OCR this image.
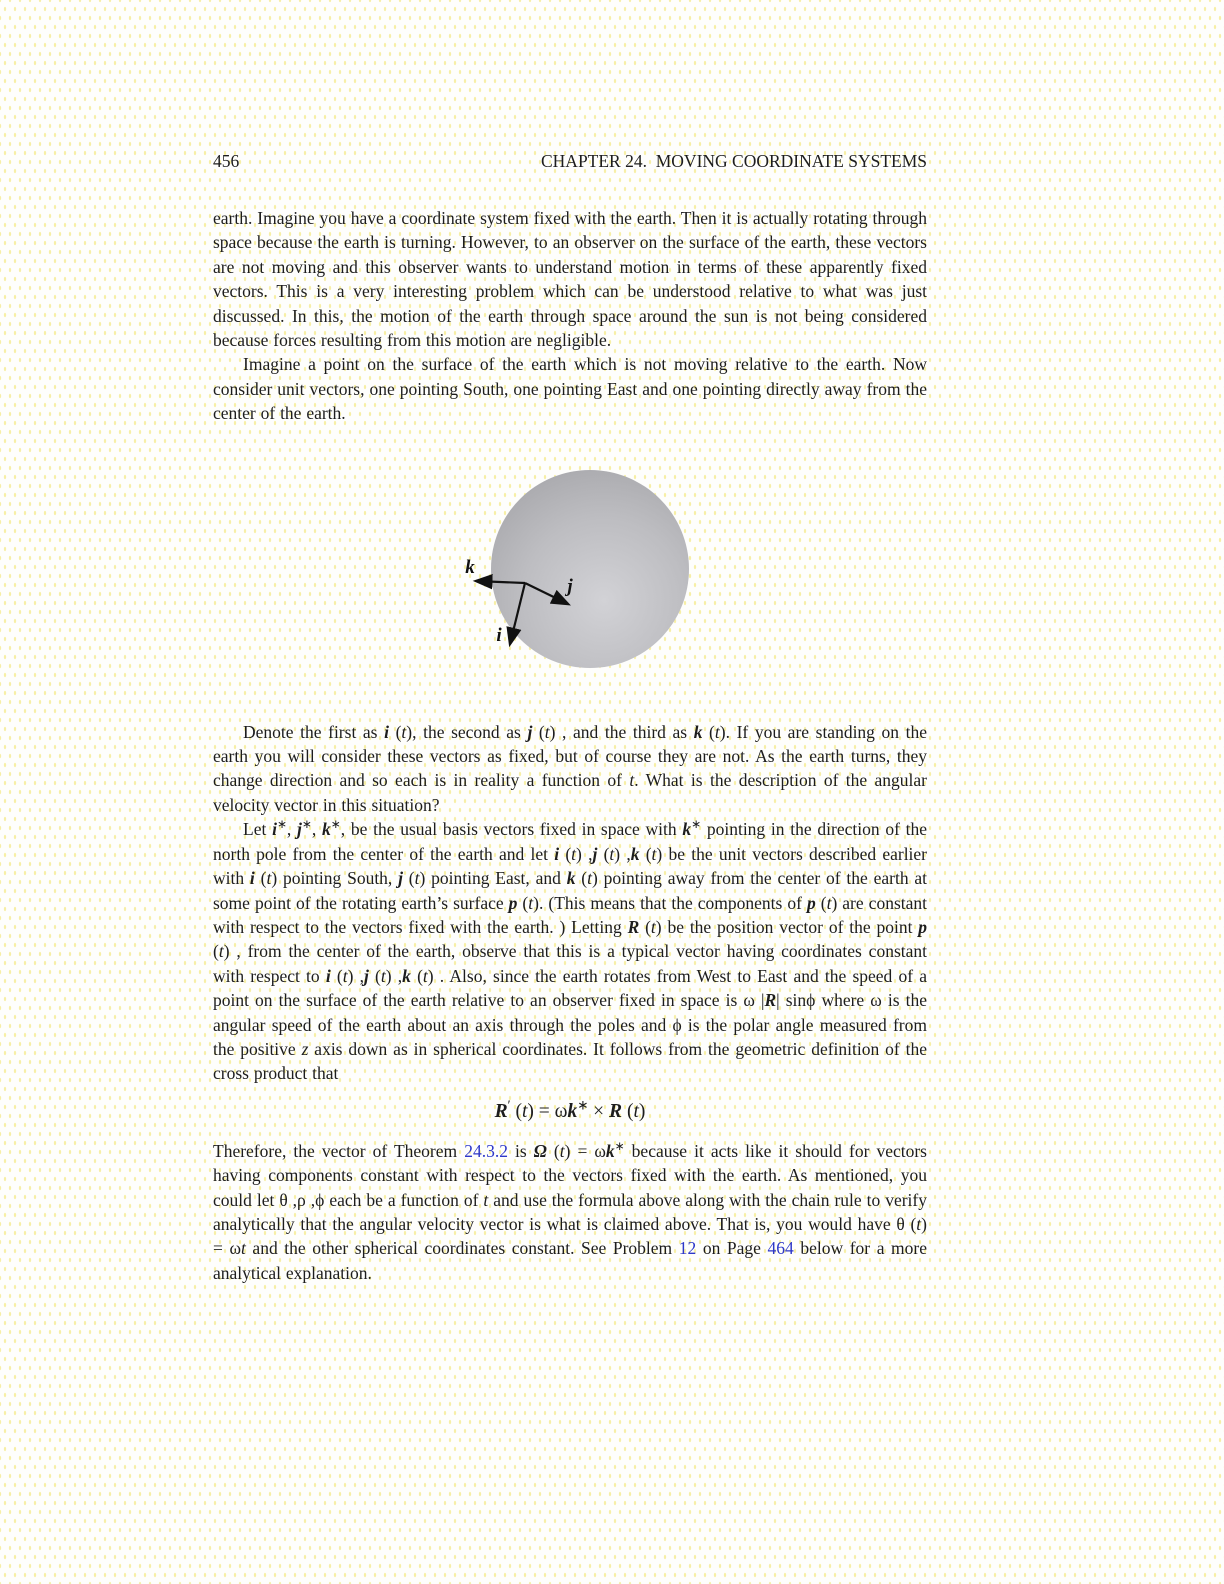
456	CHAPTER 24.  MOVING COORDINATE SYSTEMS

earth. Imagine you have a coordinate system fixed with the earth. Then it is actually rotating through space because the earth is turning. However, to an observer on the surface of the earth, these vectors are not moving and this observer wants to understand motion in terms of these apparently fixed vectors. This is a very interesting problem which can be understood relative to what was just discussed. In this, the motion of the earth through space around the sun is not being considered because forces resulting from this motion are negligible.

Imagine a point on the surface of the earth which is not moving relative to the earth. Now consider unit vectors, one pointing South, one pointing East and one pointing directly away from the center of the earth.

k
j
i

Denote the first as i (t), the second as j (t) , and the third as k (t). If you are standing on the earth you will consider these vectors as fixed, but of course they are not. As the earth turns, they change direction and so each is in reality a function of t. What is the description of the angular velocity vector in this situation?

Let i∗, j∗, k∗, be the usual basis vectors fixed in space with k∗ pointing in the direction of the north pole from the center of the earth and let i (t) ,j (t) ,k (t) be the unit vectors described earlier with i (t) pointing South, j (t) pointing East, and k (t) pointing away from the center of the earth at some point of the rotating earth’s surface p (t). (This means that the components of p (t) are constant with respect to the vectors fixed with the earth. ) Letting R (t) be the position vector of the point p (t) , from the center of the earth, observe that this is a typical vector having coordinates constant with respect to i (t) ,j (t) ,k (t) . Also, since the earth rotates from West to East and the speed of a point on the surface of the earth relative to an observer fixed in space is ω |R| sinϕ where ω is the angular speed of the earth about an axis through the poles and ϕ is the polar angle measured from the positive z axis down as in spherical coordinates. It follows from the geometric definition of the cross product that

R′ (t) = ωk∗ × R (t)

Therefore, the vector of Theorem 24.3.2 is Ω (t) = ωk∗ because it acts like it should for vectors having components constant with respect to the vectors fixed with the earth. As mentioned, you could let θ ,ρ ,ϕ each be a function of t and use the formula above along with the chain rule to verify analytically that the angular velocity vector is what is claimed above. That is, you would have θ (t) = ωt and the other spherical coordinates constant. See Problem 12 on Page 464 below for a more analytical explanation.
